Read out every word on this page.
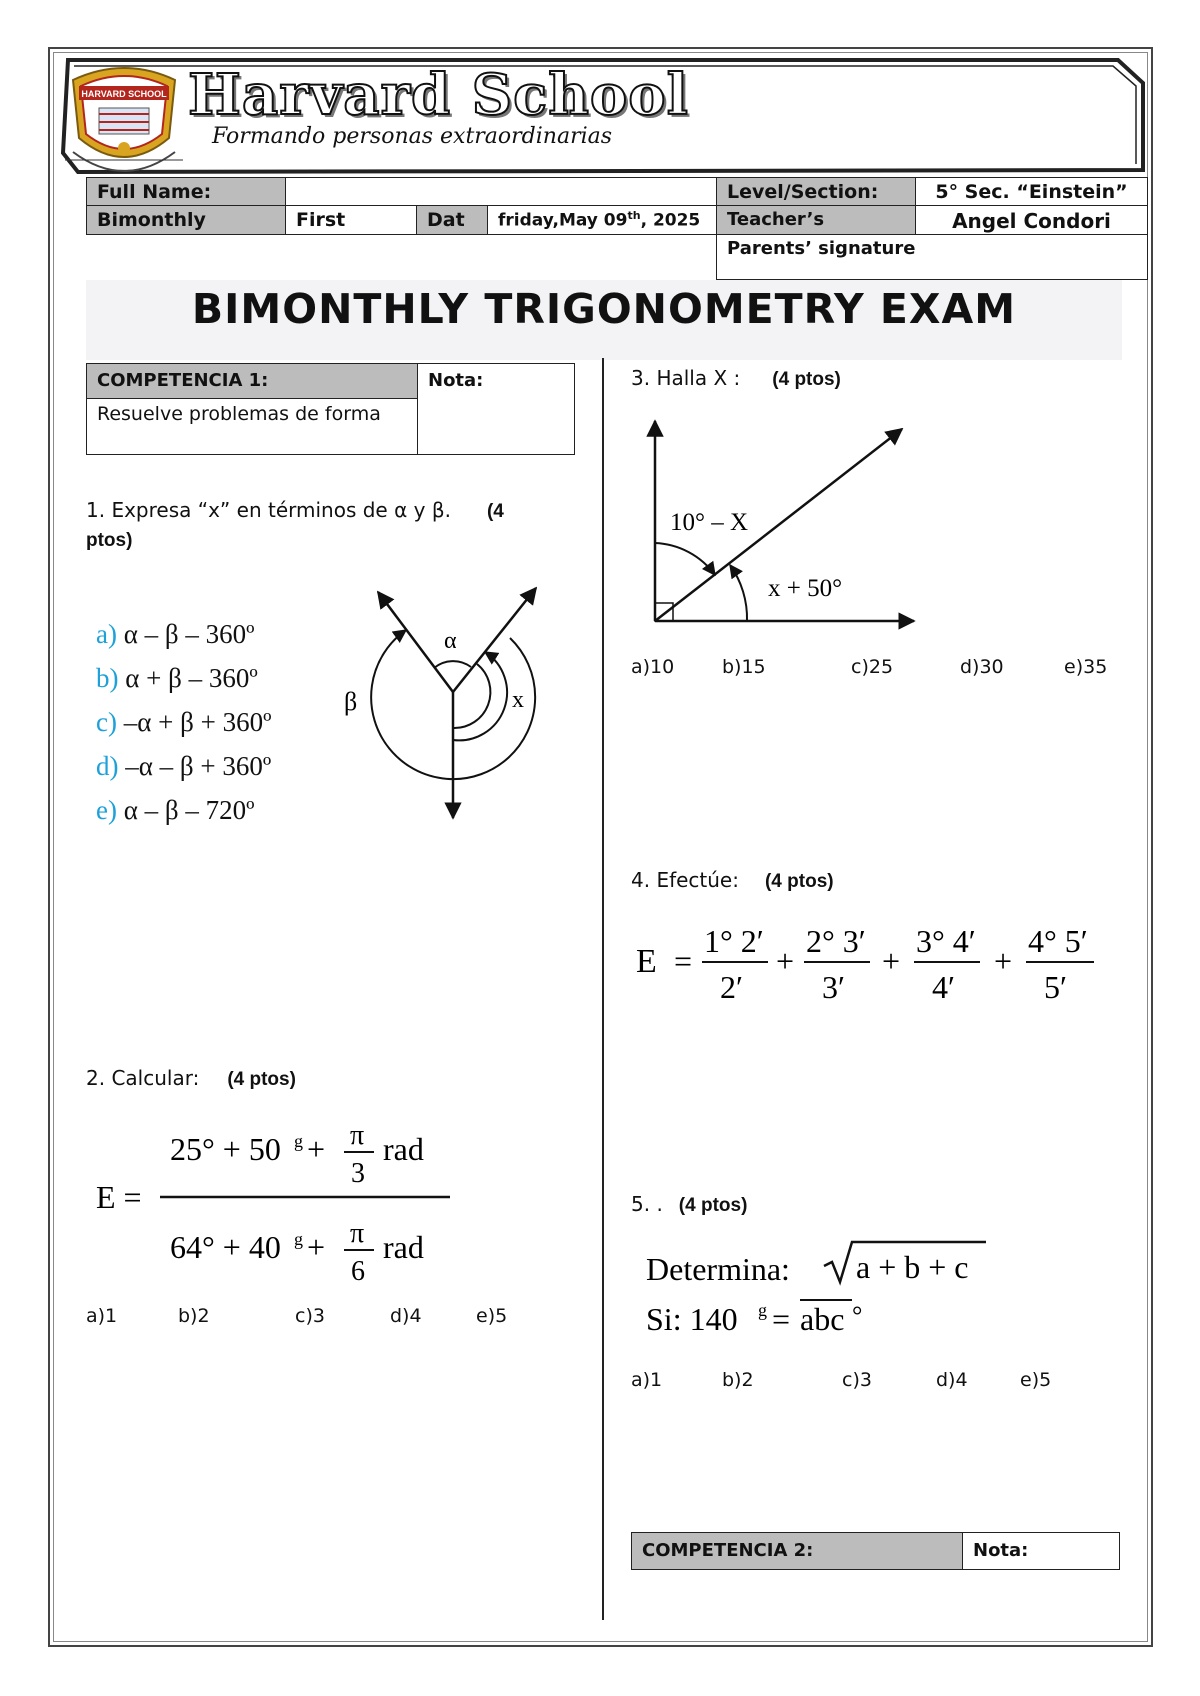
HARVARD SCHOOL Harvard School
Formando personas extraordinarias
Full Name:	Level/Section:	5° Sec. “Einstein”
Bimonthly	First	Dat	friday,May 09th, 2025	Teacher’s	Angel Condori
Parents’ signature
BIMONTHLY TRIGONOMETRY EXAM
COMPETENCIA 1:	Nota:
Resuelve problemas de forma
1. Expresa “x” en términos de α y β. (4
ptos)
a) α – β – 360º
b) α + β – 360º
c) –α + β + 360º
d) –α – β + 360º
e) α – β – 720º
α
β	x
2. Calcular: (4 ptos)
E =
25° + 50 g + π
3
rad
64° + 40 g + π
6
rad
a)1	b)2	c)3	d)4	e)5
3. Halla X : (4 ptos)
10° – X
x + 50°
a)10	b)15	c)25	d)30	e)35
4. Efectúe: (4 ptos)
E =
1° 2′
2′
+
2° 3′
3′
+
3° 4′
4′
+
4° 5′
5′
5. . (4 ptos)
Determina: a + b + c
Si: 140 g = abc °
a)1	b)2	c)3	d)4	e)5
COMPETENCIA 2:	Nota:
